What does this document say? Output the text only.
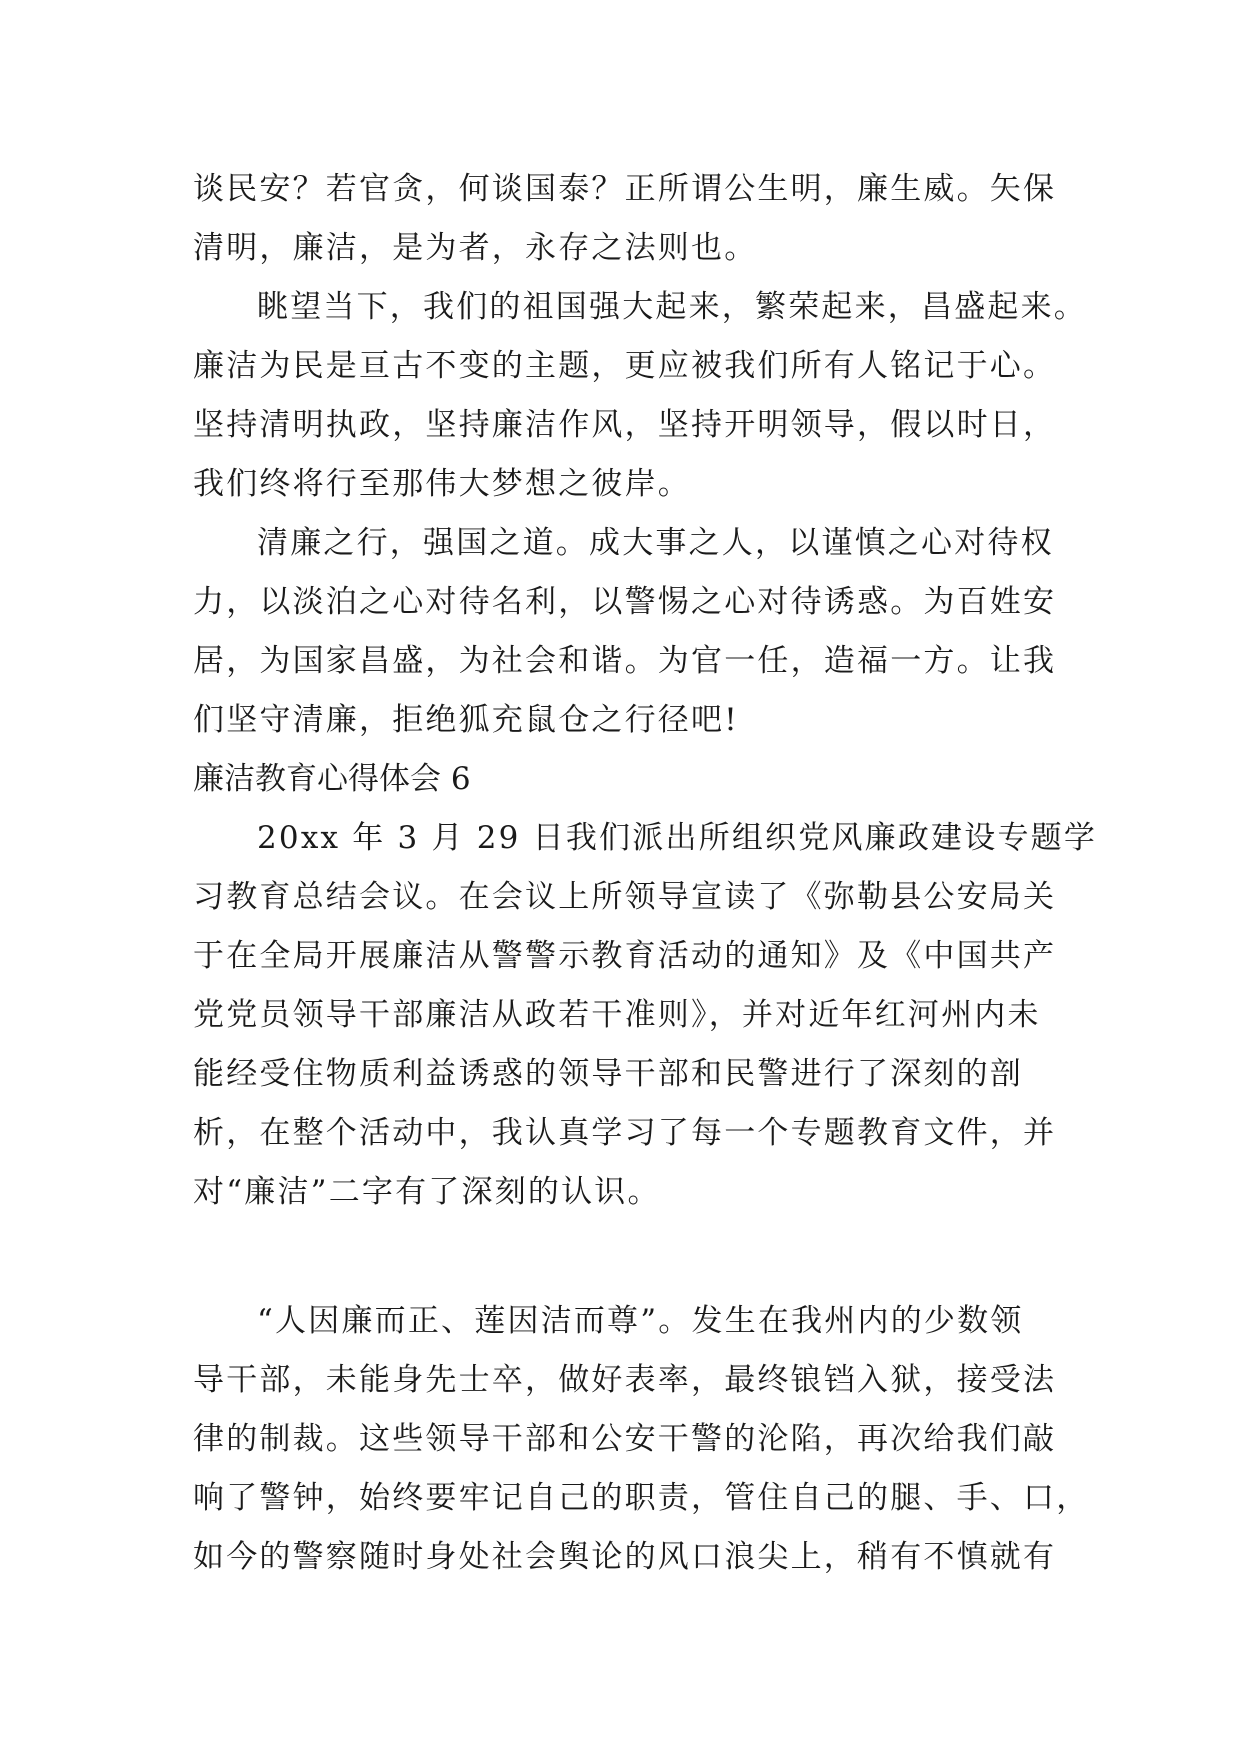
谈民安？若官贪，何谈国泰？正所谓公生明，廉生威。矢保
清明，廉洁，是为者，永存之法则也。
眺望当下，我们的祖国强大起来，繁荣起来，昌盛起来。
廉洁为民是亘古不变的主题，更应被我们所有人铭记于心。
坚持清明执政，坚持廉洁作风，坚持开明领导，假以时日，
我们终将行至那伟大梦想之彼岸。
清廉之行，强国之道。成大事之人，以谨慎之心对待权
力，以淡泊之心对待名利，以警惕之心对待诱惑。为百姓安
居，为国家昌盛，为社会和谐。为官一任，造福一方。让我
们坚守清廉，拒绝狐充鼠仓之行径吧!
廉洁教育心得体会 6
20xx 年 3 月 29 日我们派出所组织党风廉政建设专题学
习教育总结会议。在会议上所领导宣读了《弥勒县公安局关
于在全局开展廉洁从警警示教育活动的通知》及《中国共产
党党员领导干部廉洁从政若干准则》，并对近年红河州内未
能经受住物质利益诱惑的领导干部和民警进行了深刻的剖
析，在整个活动中，我认真学习了每一个专题教育文件，并
对“廉洁”二字有了深刻的认识。
“人因廉而正、莲因洁而尊”。发生在我州内的少数领
导干部，未能身先士卒，做好表率，最终锒铛入狱，接受法
律的制裁。这些领导干部和公安干警的沦陷，再次给我们敲
响了警钟，始终要牢记自己的职责，管住自己的腿、手、口，
如今的警察随时身处社会舆论的风口浪尖上，稍有不慎就有
